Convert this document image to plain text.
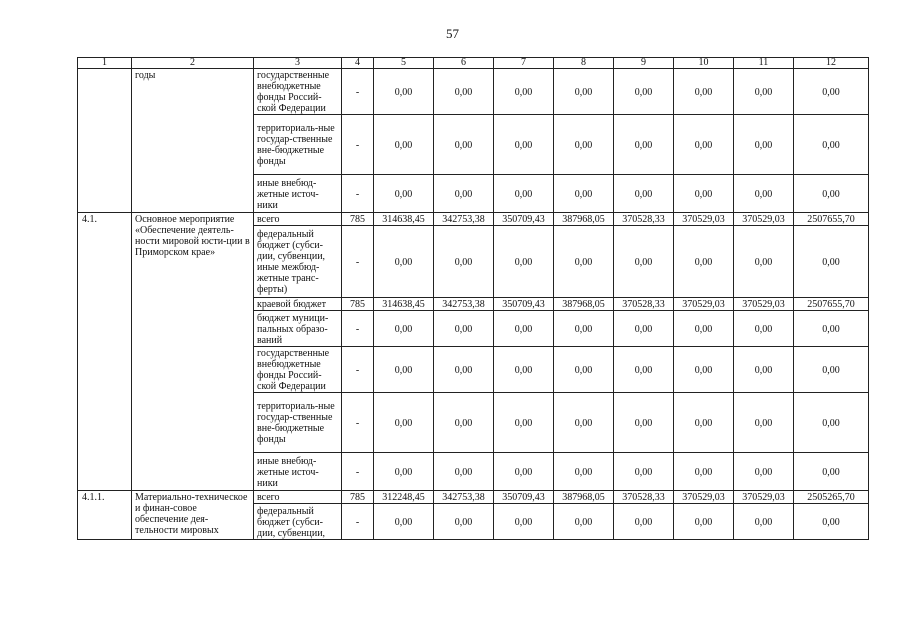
57
1	2	3	4	5	6	7	8	9	10	11	12
	годы	государственные внебюджетные фонды Россий-ской Федерации	-	0,00	0,00	0,00	0,00	0,00	0,00	0,00	0,00
		территориаль-ные государ-ственные вне-бюджетные фонды	-	0,00	0,00	0,00	0,00	0,00	0,00	0,00	0,00
		иные внебюд-жетные источ-ники	-	0,00	0,00	0,00	0,00	0,00	0,00	0,00	0,00
4.1.	Основное мероприятие «Обеспечение деятель-ности мировой юсти-ции в Приморском крае»	всего	785	314638,45	342753,38	350709,43	387968,05	370528,33	370529,03	370529,03	2507655,70
		федеральный бюджет (субси-дии, субвенции, иные межбюд-жетные транс-ферты)	-	0,00	0,00	0,00	0,00	0,00	0,00	0,00	0,00
		краевой бюджет	785	314638,45	342753,38	350709,43	387968,05	370528,33	370529,03	370529,03	2507655,70
		бюджет муници-пальных образо-ваний	-	0,00	0,00	0,00	0,00	0,00	0,00	0,00	0,00
		государственные внебюджетные фонды Россий-ской Федерации	-	0,00	0,00	0,00	0,00	0,00	0,00	0,00	0,00
		территориаль-ные государ-ственные вне-бюджетные фонды	-	0,00	0,00	0,00	0,00	0,00	0,00	0,00	0,00
		иные внебюд-жетные источ-ники	-	0,00	0,00	0,00	0,00	0,00	0,00	0,00	0,00
4.1.1.	Материально-техническое и финан-совое обеспечение дея-тельности мировых	всего	785	312248,45	342753,38	350709,43	387968,05	370528,33	370529,03	370529,03	2505265,70
		федеральный бюджет (субси-дии, субвенции,	-	0,00	0,00	0,00	0,00	0,00	0,00	0,00	0,00
